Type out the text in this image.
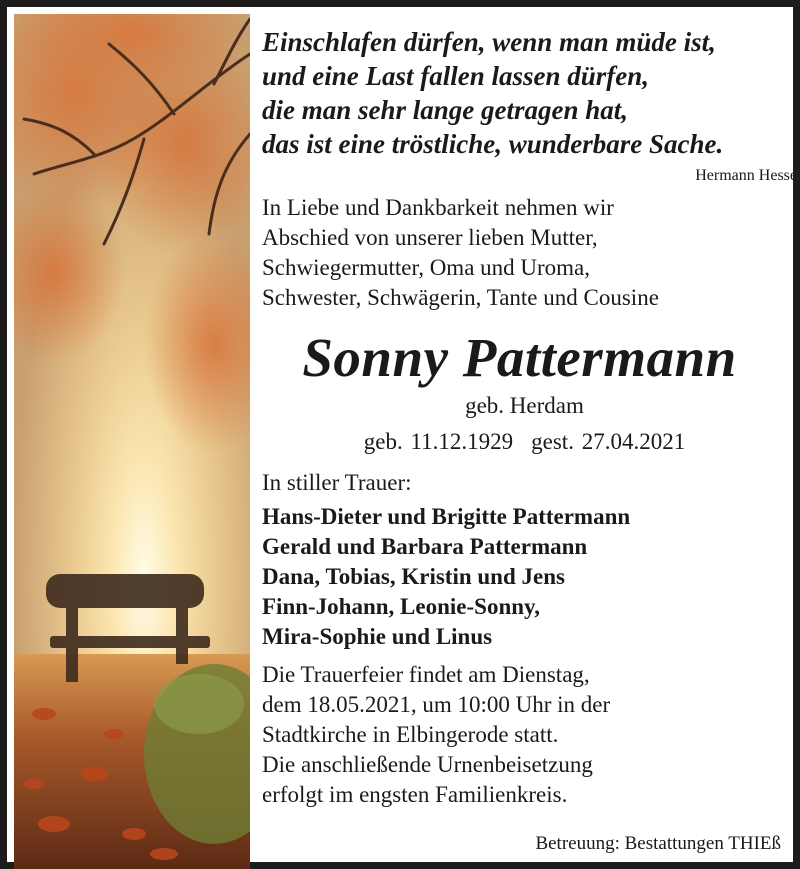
Einschlafen dürfen, wenn man müde ist,
und eine Last fallen lassen dürfen,
die man sehr lange getragen hat,
das ist eine tröstliche, wunderbare Sache.
Hermann Hesse
In Liebe und Dankbarkeit nehmen wir
Abschied von unserer lieben Mutter,
Schwiegermutter, Oma und Uroma,
Schwester, Schwägerin, Tante und Cousine
Sonny Pattermann
geb. Herdam
geb. 11.12.1929 gest. 27.04.2021
In stiller Trauer:
Hans-Dieter und Brigitte Pattermann
Gerald und Barbara Pattermann
Dana, Tobias, Kristin und Jens
Finn-Johann, Leonie-Sonny,
Mira-Sophie und Linus
Die Trauerfeier findet am Dienstag,
dem 18.05.2021, um 10:00 Uhr in der
Stadtkirche in Elbingerode statt.
Die anschließende Urnenbeisetzung
erfolgt im engsten Familienkreis.
Betreuung: Bestattungen THIEß
